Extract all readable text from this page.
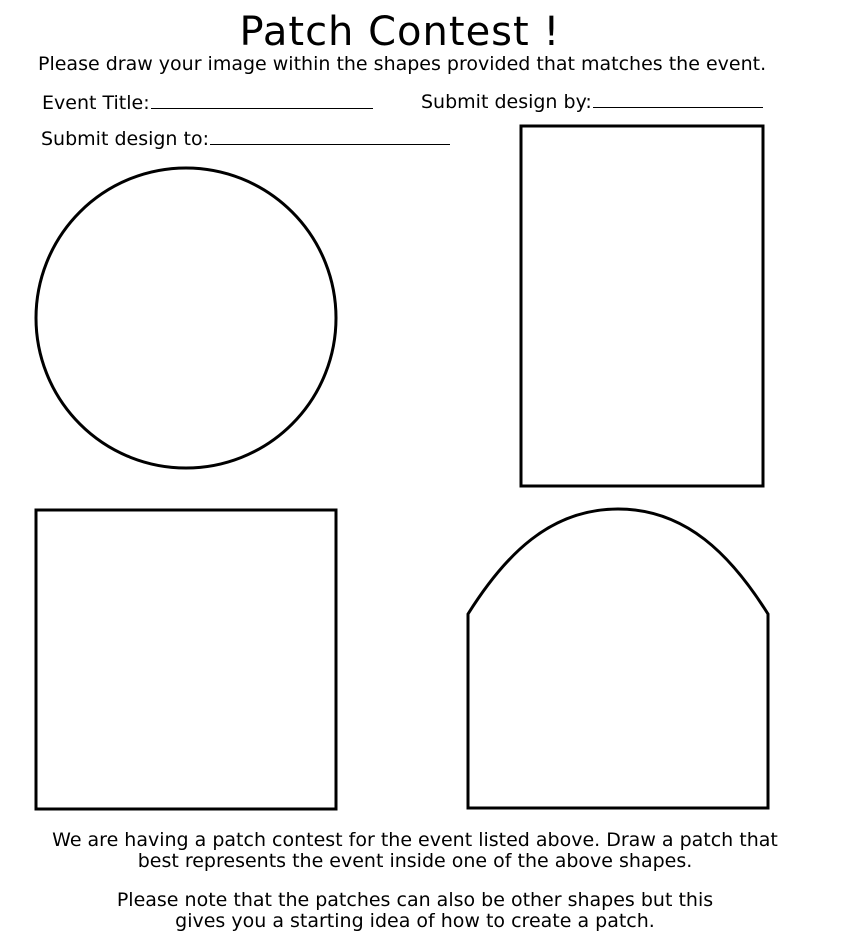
Patch Contest !
Please draw your image within the shapes provided that matches the event.
Event Title:	Submit design by:
Submit design to:
We are having a patch contest for the event listed above. Draw a patch that
best represents the event inside one of the above shapes.
Please note that the patches can also be other shapes but this
gives you a starting idea of how to create a patch.
